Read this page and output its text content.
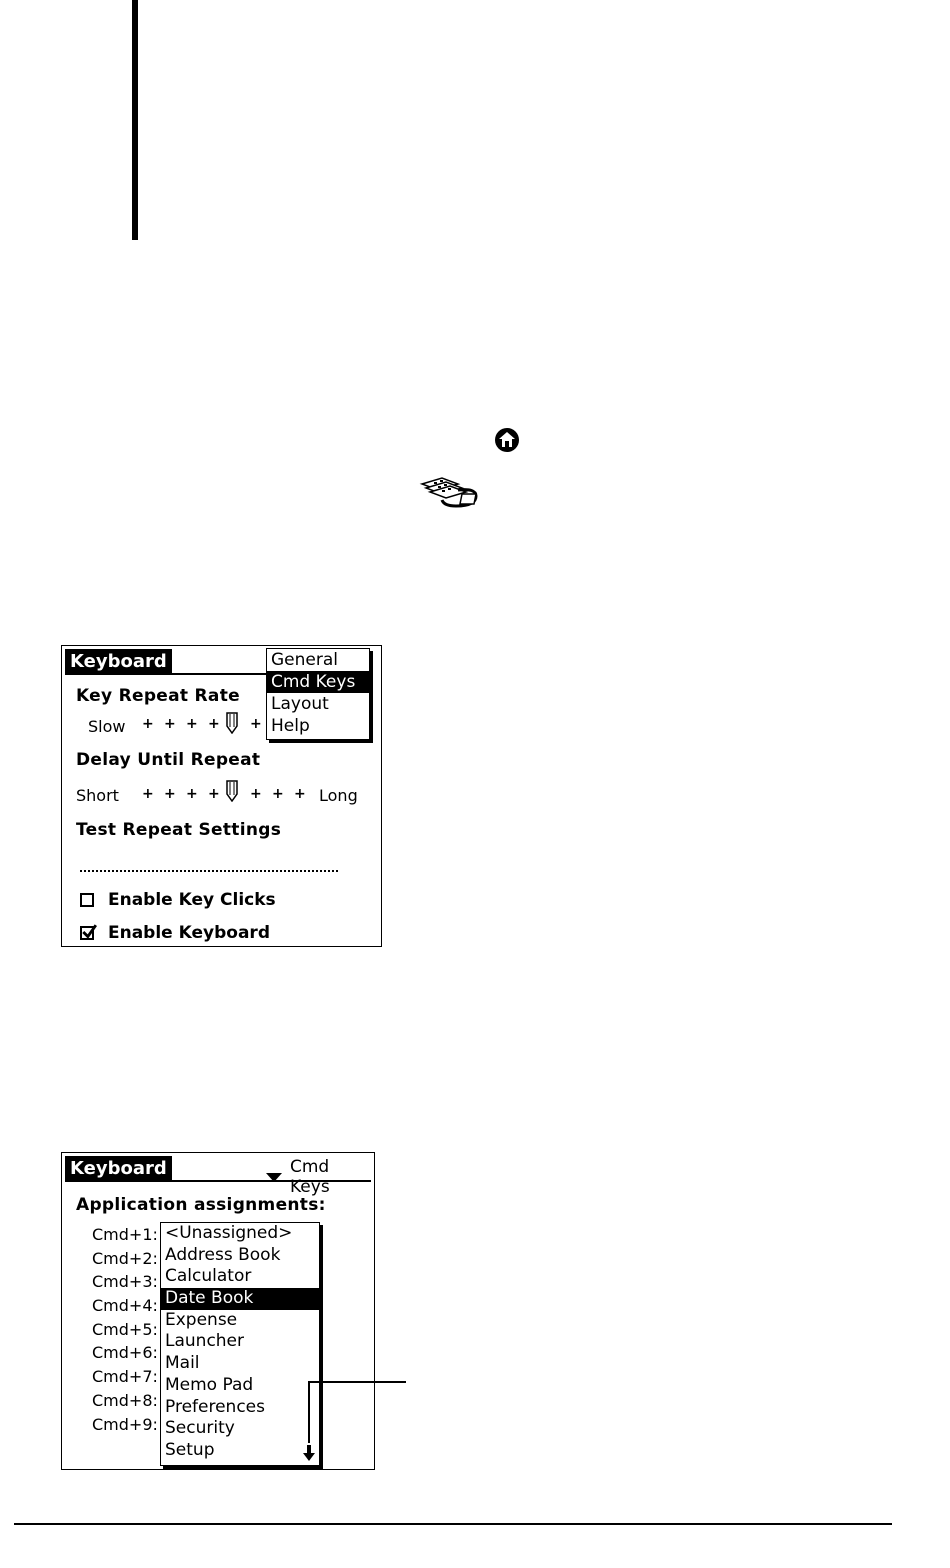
Keyboard	General
Cmd Keys
Layout
Help
Key Repeat Rate
Slow + + + + +
Delay Until Repeat
Short + + + + + + + Long
Test Repeat Settings
Enable Key Clicks
Enable Keyboard
Keyboard	Cmd Keys
Application assignments:
Cmd+1:
Cmd+2:
Cmd+3:
Cmd+4:
Cmd+5:
Cmd+6:
Cmd+7:
Cmd+8:
Cmd+9:
<Unassigned>
Address Book
Calculator
Date Book
Expense
Launcher
Mail
Memo Pad
Preferences
Security
Setup
